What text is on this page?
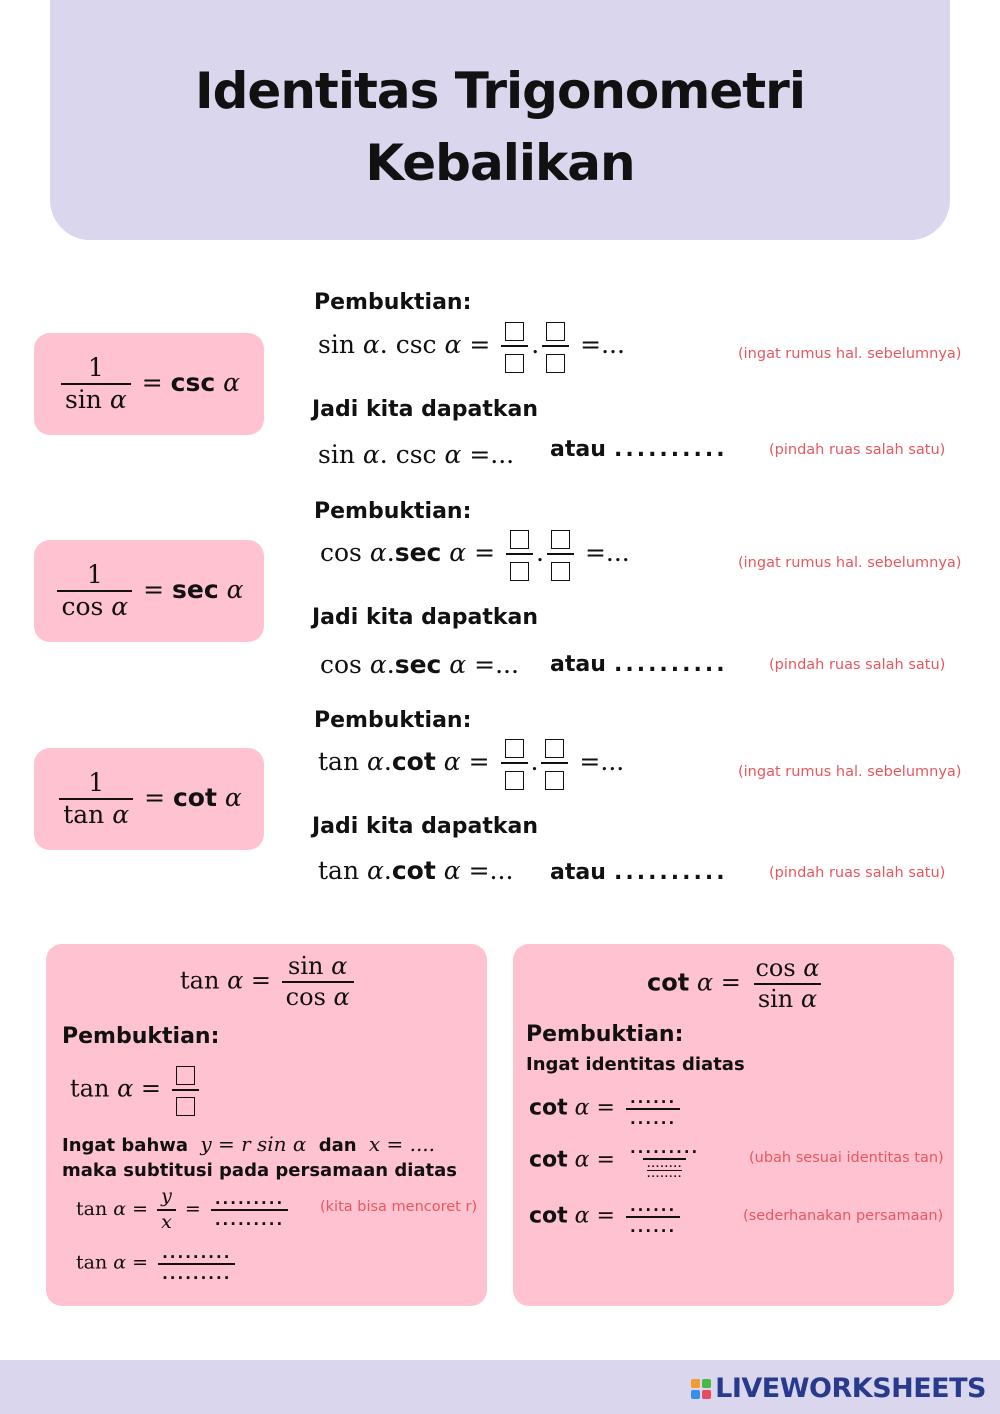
Identitas Trigonometri
Kebalikan
$\frac{1}{\text{sin α}} = \csc \alpha$
Pembuktian:
sin α. csc α = . =...	(ingat rumus hal. sebelumnya)
Jadi kita dapatkan
sin α. csc α =... atau ..........	(pindah ruas salah satu)
$\frac{1}{\text{cos α}} = \sec \alpha$
Pembuktian:
cos α.sec α = . =...	(ingat rumus hal. sebelumnya)
Jadi kita dapatkan
cos α.sec α =... atau ..........	(pindah ruas salah satu)
$\frac{1}{\text{tan α}} = \cot \alpha$
Pembuktian:
tan α.cot α = . =...	(ingat rumus hal. sebelumnya)
Jadi kita dapatkan
tan α.cot α =... atau ..........	(pindah ruas salah satu)
$\tan \alpha = \frac{\text{sin α}}{\text{cos α}}$
Pembuktian:
tan α =
Ingat bahwa y = r sin α dan x = ....
maka subtitusi pada persamaan diatas
$\tan \alpha = \frac{y}{x} = \frac{.........}{.........}$ (kita bisa mencoret r)
$\tan \alpha = \frac{.........}{.........}$
$\cot \alpha = \frac{\text{cos α}}{\text{sin α}}$
Pembuktian:
Ingat identitas diatas
$\cot \alpha = \frac{......}{......}$
cot α = .........
........
........	(ubah sesuai identitas tan)
$\cot \alpha = \frac{......}{......}$	(sederhanakan persamaan)
LIVEWORKSHEETS
